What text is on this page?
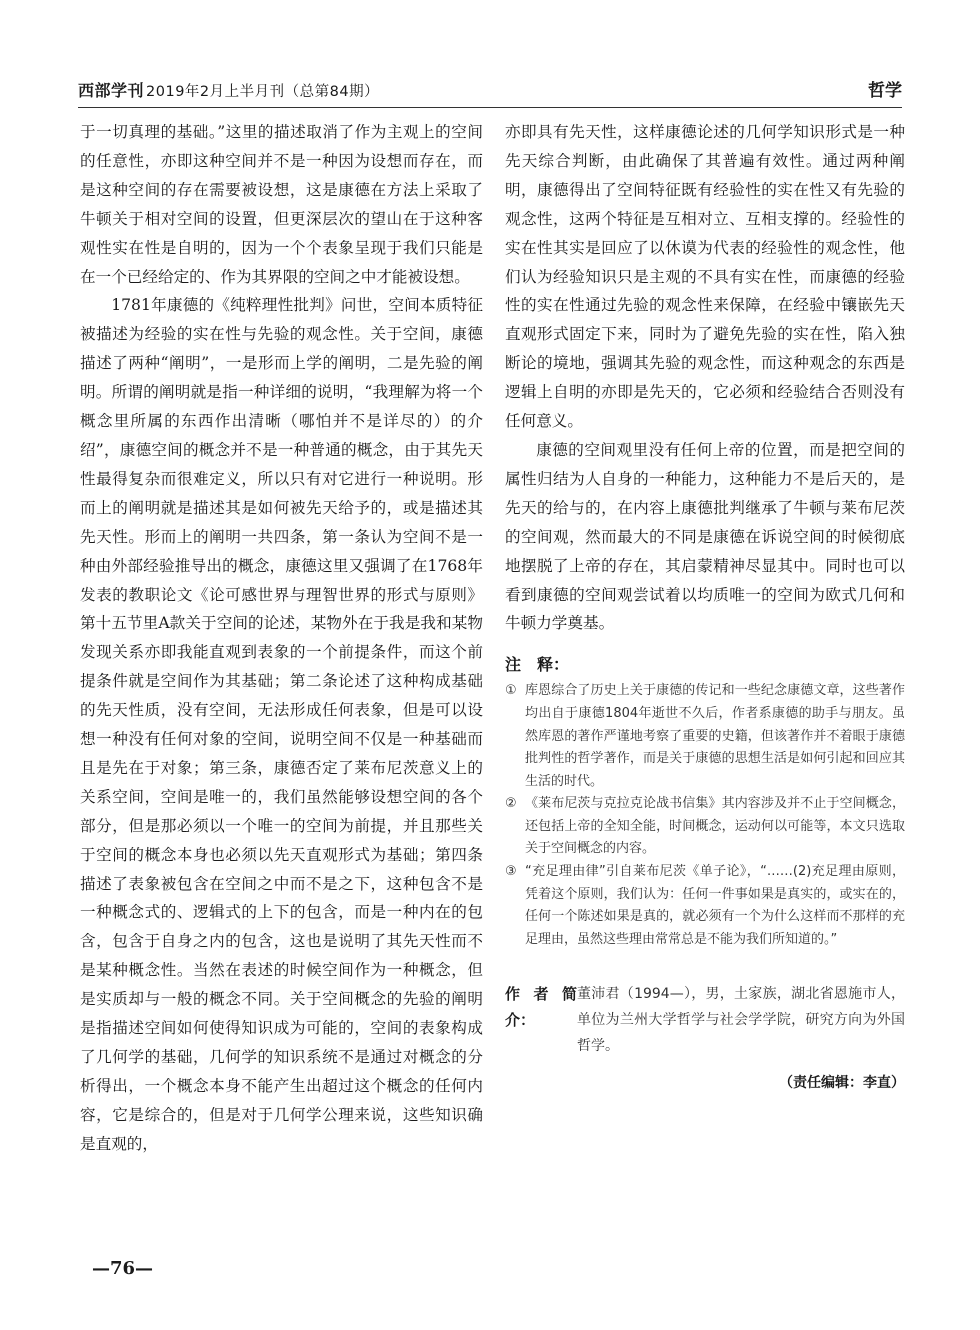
西部学刊 2019年2月上半月刊（总第84期）	哲学

于一切真理的基础。”这里的描述取消了作为主观上的空间的任意性，亦即这种空间并不是一种因为设想而存在，而是这种空间的存在需要被设想，这是康德在方法上采取了牛顿关于相对空间的设置，但更深层次的望山在于这种客观性实在性是自明的，因为一个个表象呈现于我们只能是在一个已经给定的、作为其界限的空间之中才能被设想。

1781年康德的《纯粹理性批判》问世，空间本质特征被描述为经验的实在性与先验的观念性。关于空间，康德描述了两种“阐明”，一是形而上学的阐明，二是先验的阐明。所谓的阐明就是指一种详细的说明，“我理解为将一个概念里所属的东西作出清晰（哪怕并不是详尽的）的介绍”，康德空间的概念并不是一种普通的概念，由于其先天性最得复杂而很难定义，所以只有对它进行一种说明。形而上的阐明就是描述其是如何被先天给予的，或是描述其先天性。形而上的阐明一共四条，第一条认为空间不是一种由外部经验推导出的概念，康德这里又强调了在1768年发表的教职论文《论可感世界与理智世界的形式与原则》第十五节里A款关于空间的论述，某物外在于我是我和某物发现关系亦即我能直观到表象的一个前提条件，而这个前提条件就是空间作为其基础；第二条论述了这种构成基础的先天性质，没有空间，无法形成任何表象，但是可以设想一种没有任何对象的空间，说明空间不仅是一种基础而且是先在于对象；第三条，康德否定了莱布尼茨意义上的关系空间，空间是唯一的，我们虽然能够设想空间的各个部分，但是那必须以一个唯一的空间为前提，并且那些关于空间的概念本身也必须以先天直观形式为基础；第四条描述了表象被包含在空间之中而不是之下，这种包含不是一种概念式的、逻辑式的上下的包含，而是一种内在的包含，包含于自身之内的包含，这也是说明了其先天性而不是某种概念性。当然在表述的时候空间作为一种概念，但是实质却与一般的概念不同。关于空间概念的先验的阐明是指描述空间如何使得知识成为可能的，空间的表象构成了几何学的基础，几何学的知识系统不是通过对概念的分析得出，一个概念本身不能产生出超过这个概念的任何内容，它是综合的，但是对于几何学公理来说，这些知识确是直观的，

亦即具有先天性，这样康德论述的几何学知识形式是一种先天综合判断，由此确保了其普遍有效性。通过两种阐明，康德得出了空间特征既有经验性的实在性又有先验的观念性，这两个特征是互相对立、互相支撑的。经验性的实在性其实是回应了以休谟为代表的经验性的观念性，他们认为经验知识只是主观的不具有实在性，而康德的经验性的实在性通过先验的观念性来保障，在经验中镶嵌先天直观形式固定下来，同时为了避免先验的实在性，陷入独断论的境地，强调其先验的观念性，而这种观念的东西是逻辑上自明的亦即是先天的，它必须和经验结合否则没有任何意义。

康德的空间观里没有任何上帝的位置，而是把空间的属性归结为人自身的一种能力，这种能力不是后天的，是先天的给与的，在内容上康德批判继承了牛顿与莱布尼茨的空间观，然而最大的不同是康德在诉说空间的时候彻底地摆脱了上帝的存在，其启蒙精神尽显其中。同时也可以看到康德的空间观尝试着以均质唯一的空间为欧式几何和牛顿力学奠基。

注　释：
① 库恩综合了历史上关于康德的传记和一些纪念康德文章，这些著作均出自于康德1804年逝世不久后，作者系康德的助手与朋友。虽然库恩的著作严谨地考察了重要的史籍，但该著作并不着眼于康德批判性的哲学著作，而是关于康德的思想生活是如何引起和回应其生活的时代。
② 《莱布尼茨与克拉克论战书信集》其内容涉及并不止于空间概念，还包括上帝的全知全能，时间概念，运动何以可能等，本文只选取关于空间概念的内容。
③ “充足理由律”引自莱布尼茨《单子论》，“……(2)充足理由原则，凭着这个原则，我们认为：任何一件事如果是真实的，或实在的，任何一个陈述如果是真的，就必须有一个为什么这样而不那样的充足理由，虽然这些理由常常总是不能为我们所知道的。”
作者简介：
董沛君（1994—），男，土家族，湖北省恩施市人，单位为兰州大学哲学与社会学学院，研究方向为外国哲学。
（责任编辑：李直）
—76—
